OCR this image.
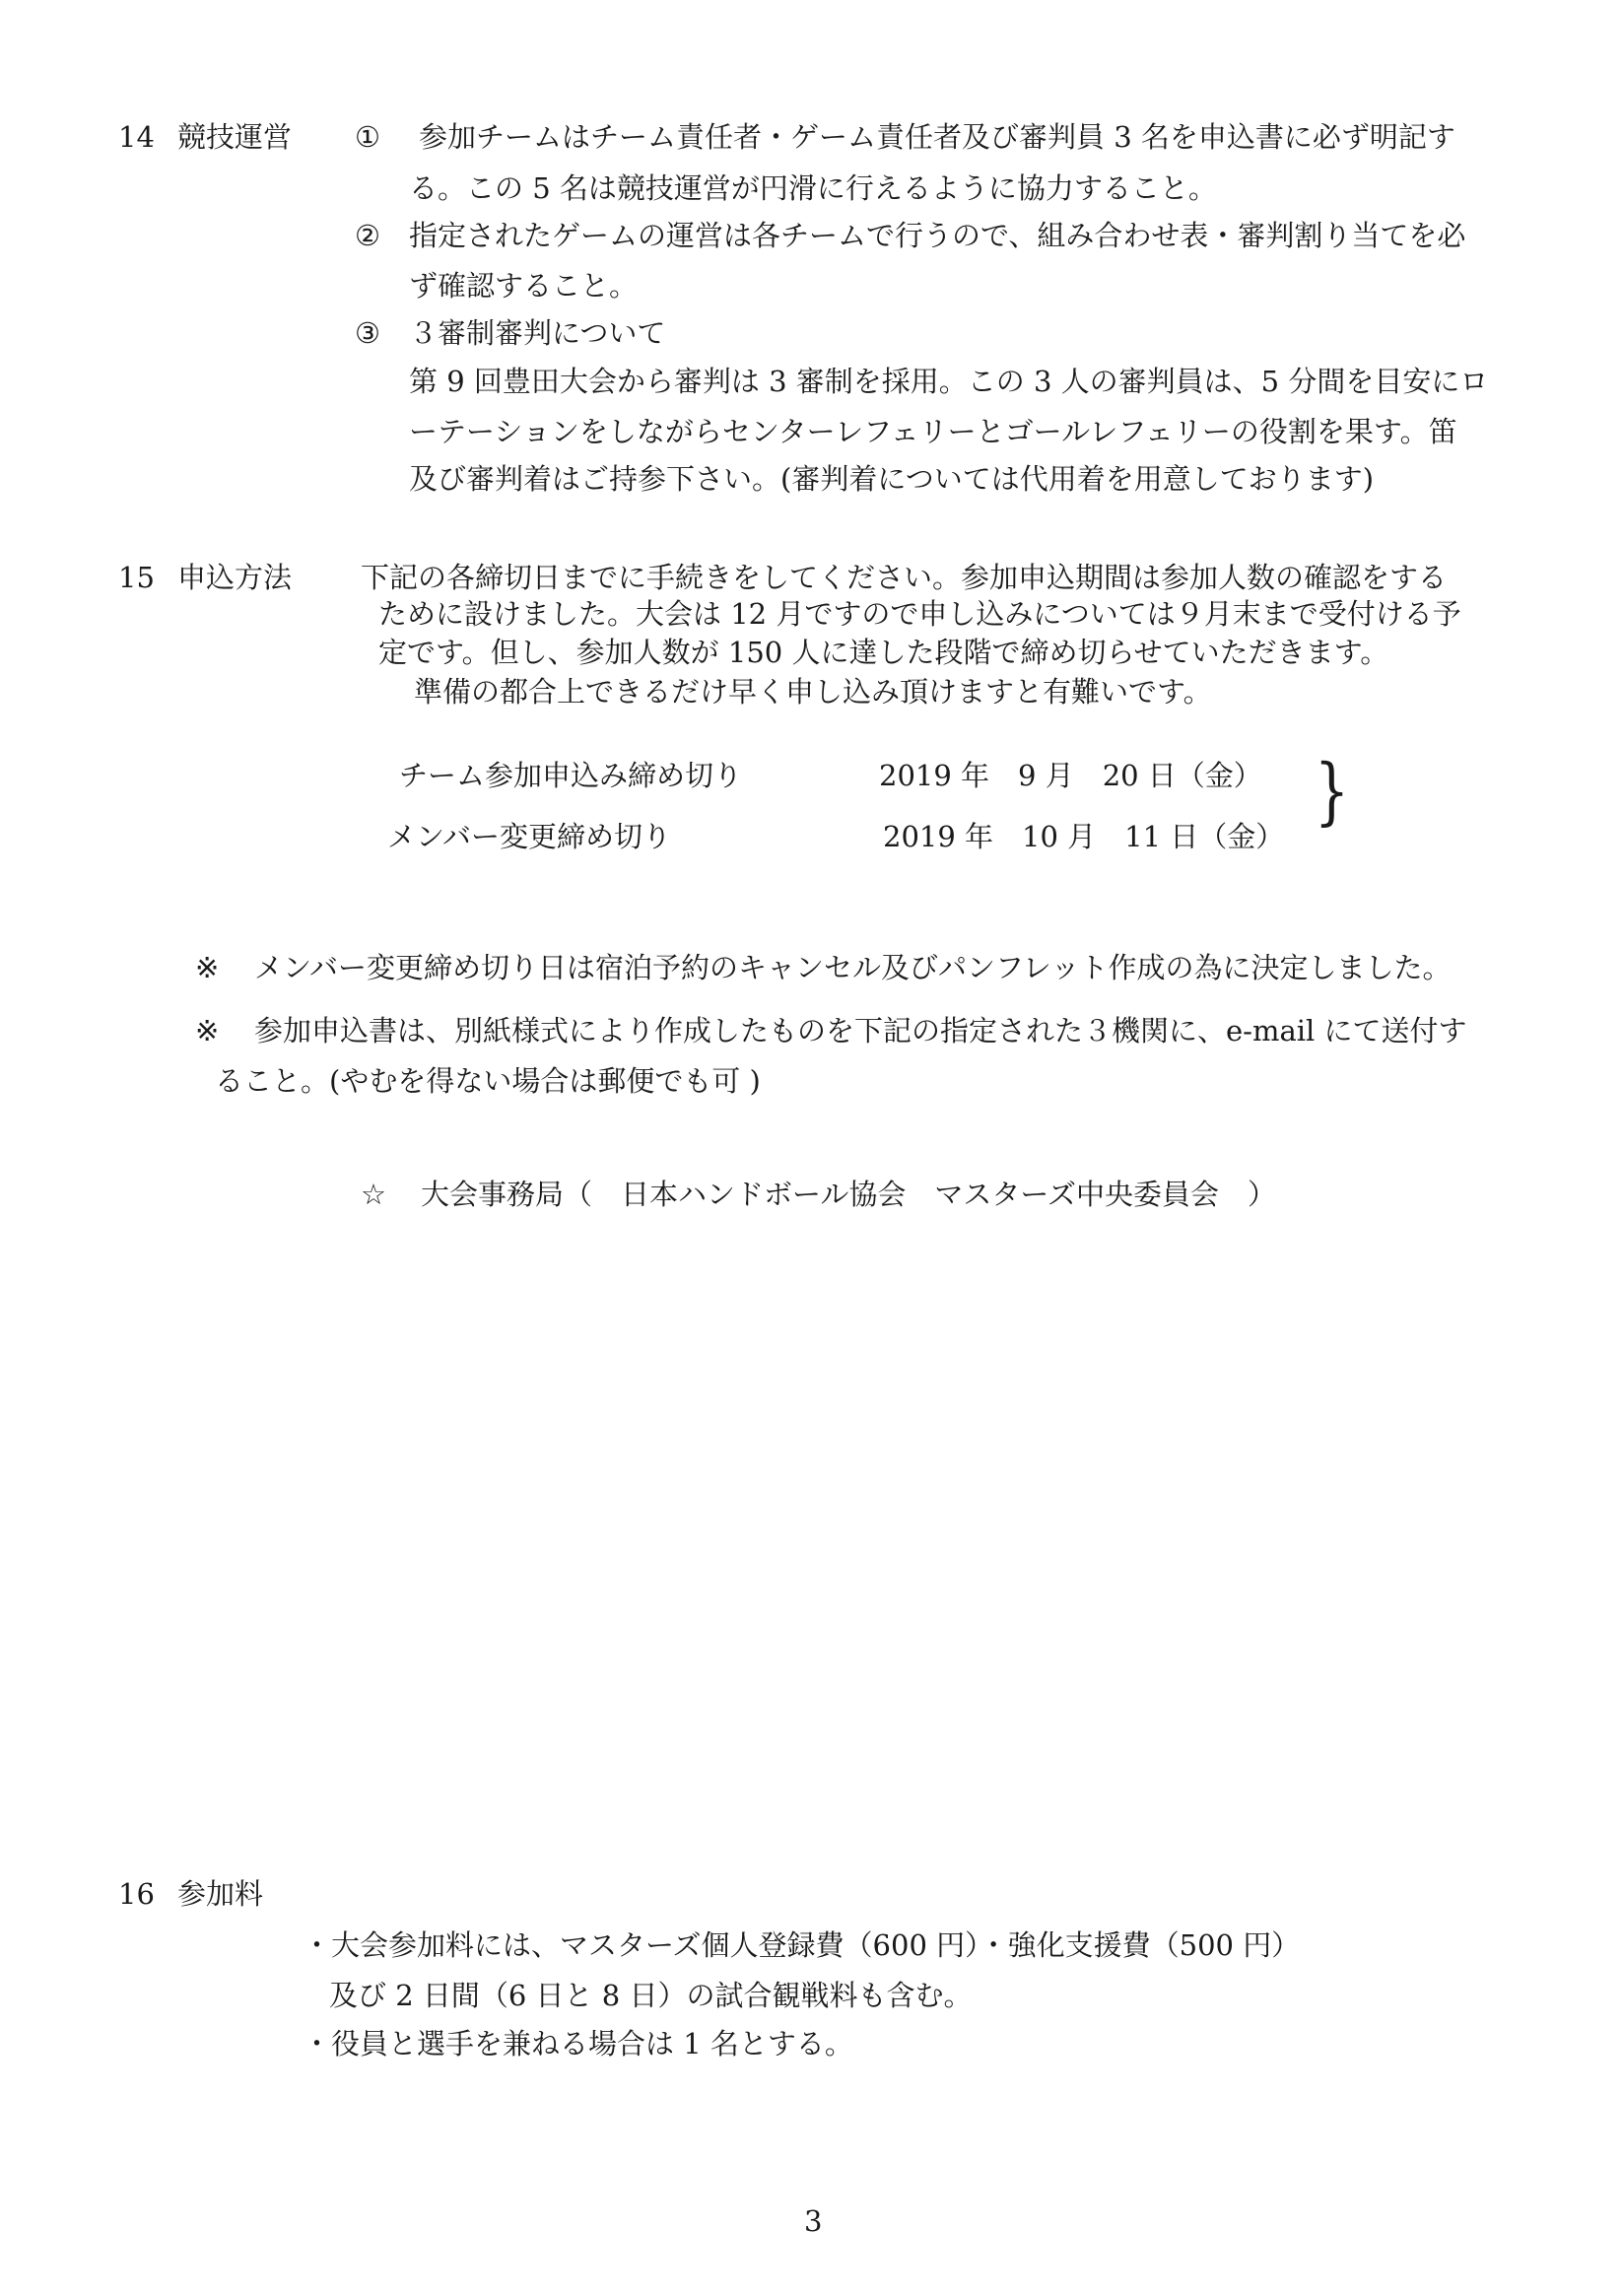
14 競技運営 ① 参加チームはチーム責任者・ゲーム責任者及び審判員 3 名を申込書に必ず明記す
る。この 5 名は競技運営が円滑に行えるように協力すること。
② 指定されたゲームの運営は各チームで行うので、組み合わせ表・審判割り当てを必
ず確認すること。
③ ３審制審判について
第 9 回豊田大会から審判は 3 審制を採用。この 3 人の審判員は、5 分間を目安にロ
ーテーションをしながらセンターレフェリーとゴールレフェリーの役割を果す。笛
及び審判着はご持参下さい。(審判着については代用着を用意しております)
15 申込方法 下記の各締切日までに手続きをしてください。参加申込期間は参加人数の確認をする
ために設けました。大会は 12 月ですので申し込みについては９月末まで受付ける予
定です。但し、参加人数が 150 人に達した段階で締め切らせていただきます。
準備の都合上できるだけ早く申し込み頂けますと有難いです。
チーム参加申込み締め切り	2019 年　9 月　20 日（金）
メンバー変更締め切り	2019 年　10 月　11 日（金）
}
※ メンバー変更締め切り日は宿泊予約のキャンセル及びパンフレット作成の為に決定しました。
※ 参加申込書は、別紙様式により作成したものを下記の指定された３機関に、e-mail にて送付す
ること。(やむを得ない場合は郵便でも可 )
☆ 大会事務局（　日本ハンドボール協会　マスターズ中央委員会　）
16 参加料
・大会参加料には、マスターズ個人登録費（600 円）・強化支援費（500 円）
及び 2 日間（6 日と 8 日）の試合観戦料も含む。
・役員と選手を兼ねる場合は 1 名とする。
3
